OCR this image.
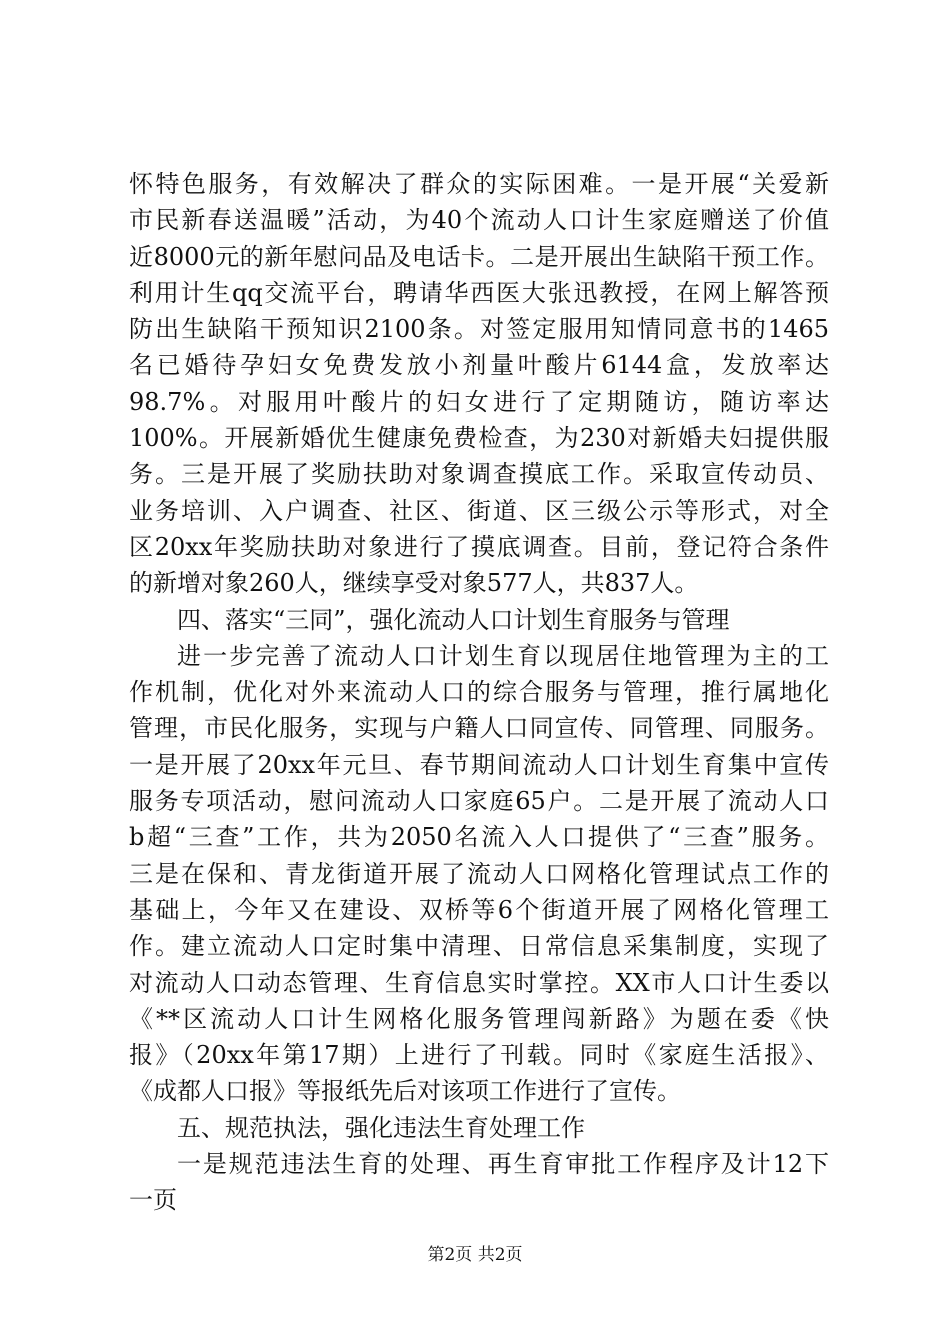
怀特色服务，有效解决了群众的实际困难。一是开展“关爱新
市民新春送温暖”活动，为40个流动人口计生家庭赠送了价值
近8000元的新年慰问品及电话卡。二是开展出生缺陷干预工作。
利用计生qq交流平台，聘请华西医大张迅教授，在网上解答预
防出生缺陷干预知识2100条。对签定服用知情同意书的1465
名已婚待孕妇女免费发放小剂量叶酸片6144盒，发放率达
98.7%。对服用叶酸片的妇女进行了定期随访，随访率达
100%。开展新婚优生健康免费检查，为230对新婚夫妇提供服
务。三是开展了奖励扶助对象调查摸底工作。采取宣传动员、
业务培训、入户调查、社区、街道、区三级公示等形式，对全
区20xx年奖励扶助对象进行了摸底调查。目前，登记符合条件
的新增对象260人，继续享受对象577人，共837人。
四、落实“三同”，强化流动人口计划生育服务与管理
进一步完善了流动人口计划生育以现居住地管理为主的工
作机制，优化对外来流动人口的综合服务与管理，推行属地化
管理，市民化服务，实现与户籍人口同宣传、同管理、同服务。
一是开展了20xx年元旦、春节期间流动人口计划生育集中宣传
服务专项活动，慰问流动人口家庭65户。二是开展了流动人口
b超“三查”工作，共为2050名流入人口提供了“三查”服务。
三是在保和、青龙街道开展了流动人口网格化管理试点工作的
基础上，今年又在建设、双桥等6个街道开展了网格化管理工
作。建立流动人口定时集中清理、日常信息采集制度，实现了
对流动人口动态管理、生育信息实时掌控。XX市人口计生委以
《**区流动人口计生网格化服务管理闯新路》为题在委《快
报》（20xx年第17期）上进行了刊载。同时《家庭生活报》、
《成都人口报》等报纸先后对该项工作进行了宣传。
五、规范执法，强化违法生育处理工作
一是规范违法生育的处理、再生育审批工作程序及计12下
一页
第2页 共2页
